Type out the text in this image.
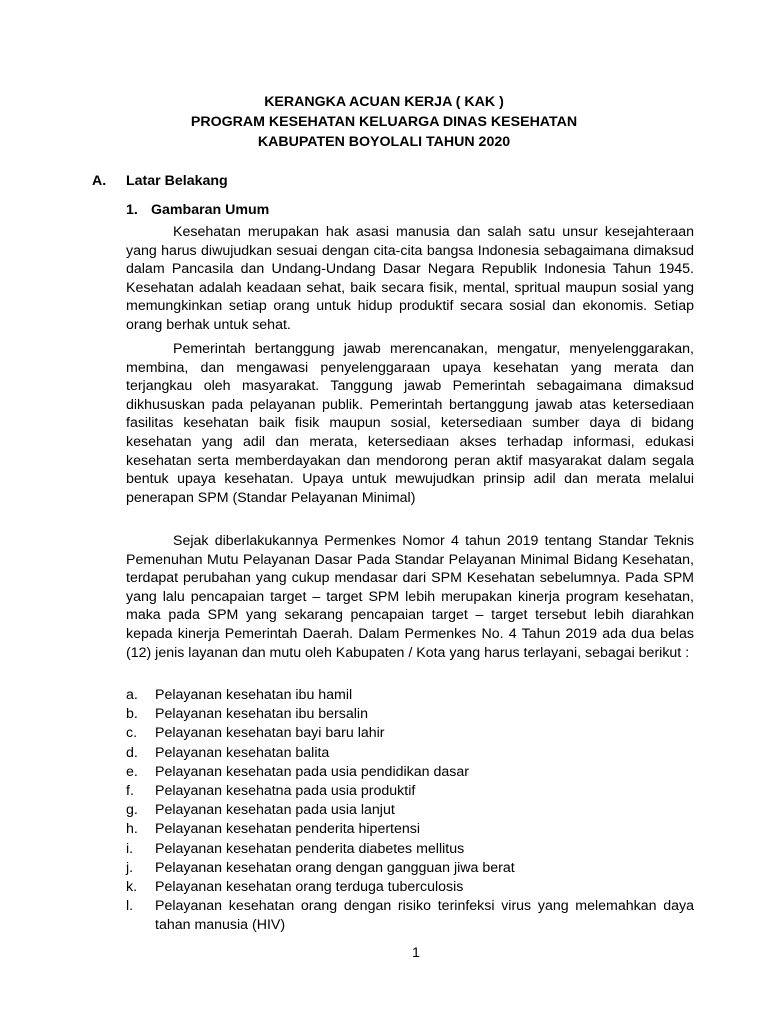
KERANGKA ACUAN KERJA ( KAK )
PROGRAM KESEHATAN KELUARGA DINAS KESEHATAN
KABUPATEN BOYOLALI TAHUN 2020
A. Latar Belakang
1. Gambaran Umum

Kesehatan merupakan hak asasi manusia dan salah satu unsur kesejahteraan yang harus diwujudkan sesuai dengan cita-cita bangsa Indonesia sebagaimana dimaksud dalam Pancasila dan Undang-Undang Dasar Negara Republik Indonesia Tahun 1945. Kesehatan adalah keadaan sehat, baik secara fisik, mental, spritual maupun sosial yang memungkinkan setiap orang untuk hidup produktif secara sosial dan ekonomis. Setiap orang berhak untuk sehat.

Pemerintah bertanggung jawab merencanakan, mengatur, menyelenggarakan, membina, dan mengawasi penyelenggaraan upaya kesehatan yang merata dan terjangkau oleh masyarakat. Tanggung jawab Pemerintah sebagaimana dimaksud dikhususkan pada pelayanan publik. Pemerintah bertanggung jawab atas ketersediaan fasilitas kesehatan baik fisik maupun sosial, ketersediaan sumber daya di bidang kesehatan yang adil dan merata, ketersediaan akses terhadap informasi, edukasi kesehatan serta memberdayakan dan mendorong peran aktif masyarakat dalam segala bentuk upaya kesehatan. Upaya untuk mewujudkan prinsip adil dan merata melalui penerapan SPM (Standar Pelayanan Minimal)

Sejak diberlakukannya Permenkes Nomor 4 tahun 2019 tentang Standar Teknis Pemenuhan Mutu Pelayanan Dasar Pada Standar Pelayanan Minimal Bidang Kesehatan, terdapat perubahan yang cukup mendasar dari SPM Kesehatan sebelumnya. Pada SPM yang lalu pencapaian target – target SPM lebih merupakan kinerja program kesehatan, maka pada SPM yang sekarang pencapaian target – target tersebut lebih diarahkan kepada kinerja Pemerintah Daerah. Dalam Permenkes No. 4 Tahun 2019 ada dua belas (12) jenis layanan dan mutu oleh Kabupaten / Kota yang harus terlayani, sebagai berikut :

a. Pelayanan kesehatan ibu hamil
b. Pelayanan kesehatan ibu bersalin
c. Pelayanan kesehatan bayi baru lahir
d. Pelayanan kesehatan balita
e. Pelayanan kesehatan pada usia pendidikan dasar
f. Pelayanan kesehatna pada usia produktif
g. Pelayanan kesehatan pada usia lanjut
h. Pelayanan kesehatan penderita hipertensi
i. Pelayanan kesehatan penderita diabetes mellitus
j. Pelayanan kesehatan orang dengan gangguan jiwa berat
k. Pelayanan kesehatan orang terduga tuberculosis
l. Pelayanan kesehatan orang dengan risiko terinfeksi virus yang melemahkan daya tahan manusia (HIV)
1
